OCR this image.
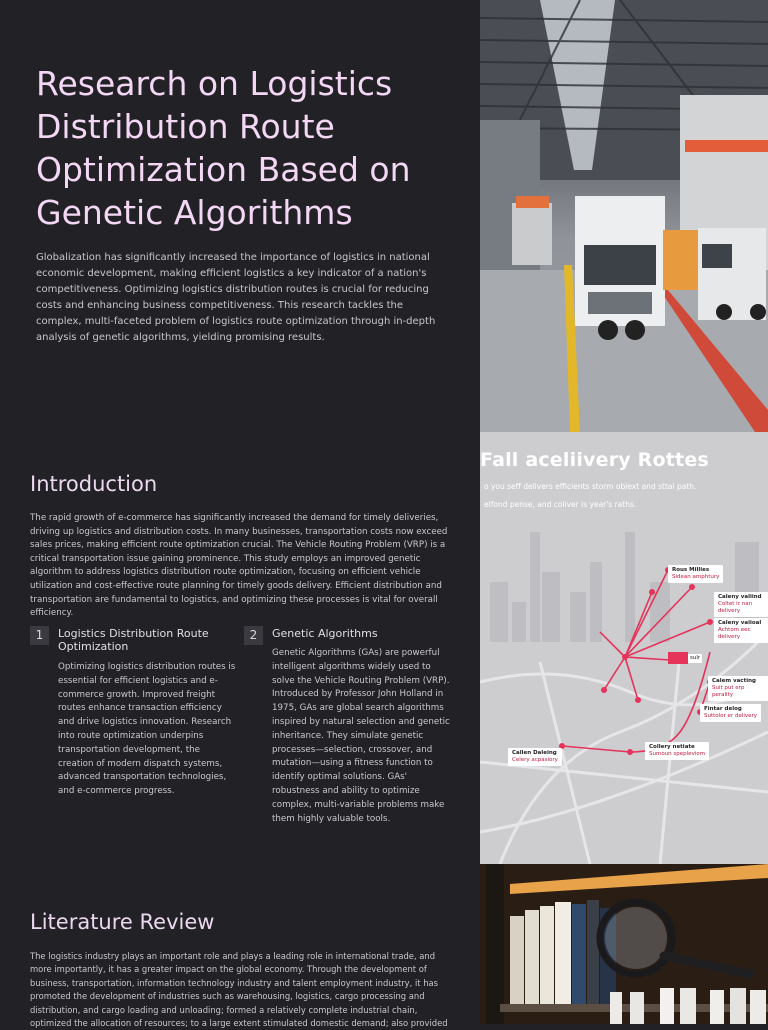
Research on Logistics Distribution Route Optimization Based on Genetic Algorithms

Globalization has significantly increased the importance of logistics in national economic development, making efficient logistics a key indicator of a nation's competitiveness. Optimizing logistics distribution routes is crucial for reducing costs and enhancing business competitiveness. This research tackles the complex, multi-faceted problem of logistics route optimization through in-depth analysis of genetic algorithms, yielding promising results.

Introduction

The rapid growth of e-commerce has significantly increased the demand for timely deliveries, driving up logistics and distribution costs. In many businesses, transportation costs now exceed sales prices, making efficient route optimization crucial. The Vehicle Routing Problem (VRP) is a critical transportation issue gaining prominence. This study employs an improved genetic algorithm to address logistics distribution route optimization, focusing on efficient vehicle utilization and cost-effective route planning for timely goods delivery. Efficient distribution and transportation are fundamental to logistics, and optimizing these processes is vital for overall efficiency.

1	Logistics Distribution Route Optimization

Optimizing logistics distribution routes is essential for efficient logistics and e-commerce growth. Improved freight routes enhance transaction efficiency and drive logistics innovation. Research into route optimization underpins transportation development, the creation of modern dispatch systems, advanced transportation technologies, and e-commerce progress.

2	Genetic Algorithms

Genetic Algorithms (GAs) are powerful intelligent algorithms widely used to solve the Vehicle Routing Problem (VRP). Introduced by Professor John Holland in 1975, GAs are global search algorithms inspired by natural selection and genetic inheritance. They simulate genetic processes—selection, crossover, and mutation—using a fitness function to identify optimal solutions. GAs' robustness and ability to optimize complex, multi-variable problems make them highly valuable tools.

Literature Review

The logistics industry plays an important role and plays a leading role in international trade, and more importantly, it has a greater impact on the global economy. Through the development of business, transportation, information technology industry and talent employment industry, it has promoted the development of industries such as warehousing, logistics, cargo processing and distribution, and cargo loading and unloading; formed a relatively complete industrial chain, optimized the allocation of resources; to a large extent stimulated domestic demand; also provided

Fall aceliivery Rottes
o you seff delivers efficients storm oblext and sttal path.
elfond pense, and coliver is year's raths.
Rous Millies
Sidean amphtury
Caleny valiind
Coltet ir nan delivery
Caleny vaiioal
Achtom eec delivery
Calem vacting
Suit put erp perality
Fintar delog
Suttolor er delivery
Collery netiate
Sumoun spepleviom
Callen Daleing
Celery acpasiory
sulr
